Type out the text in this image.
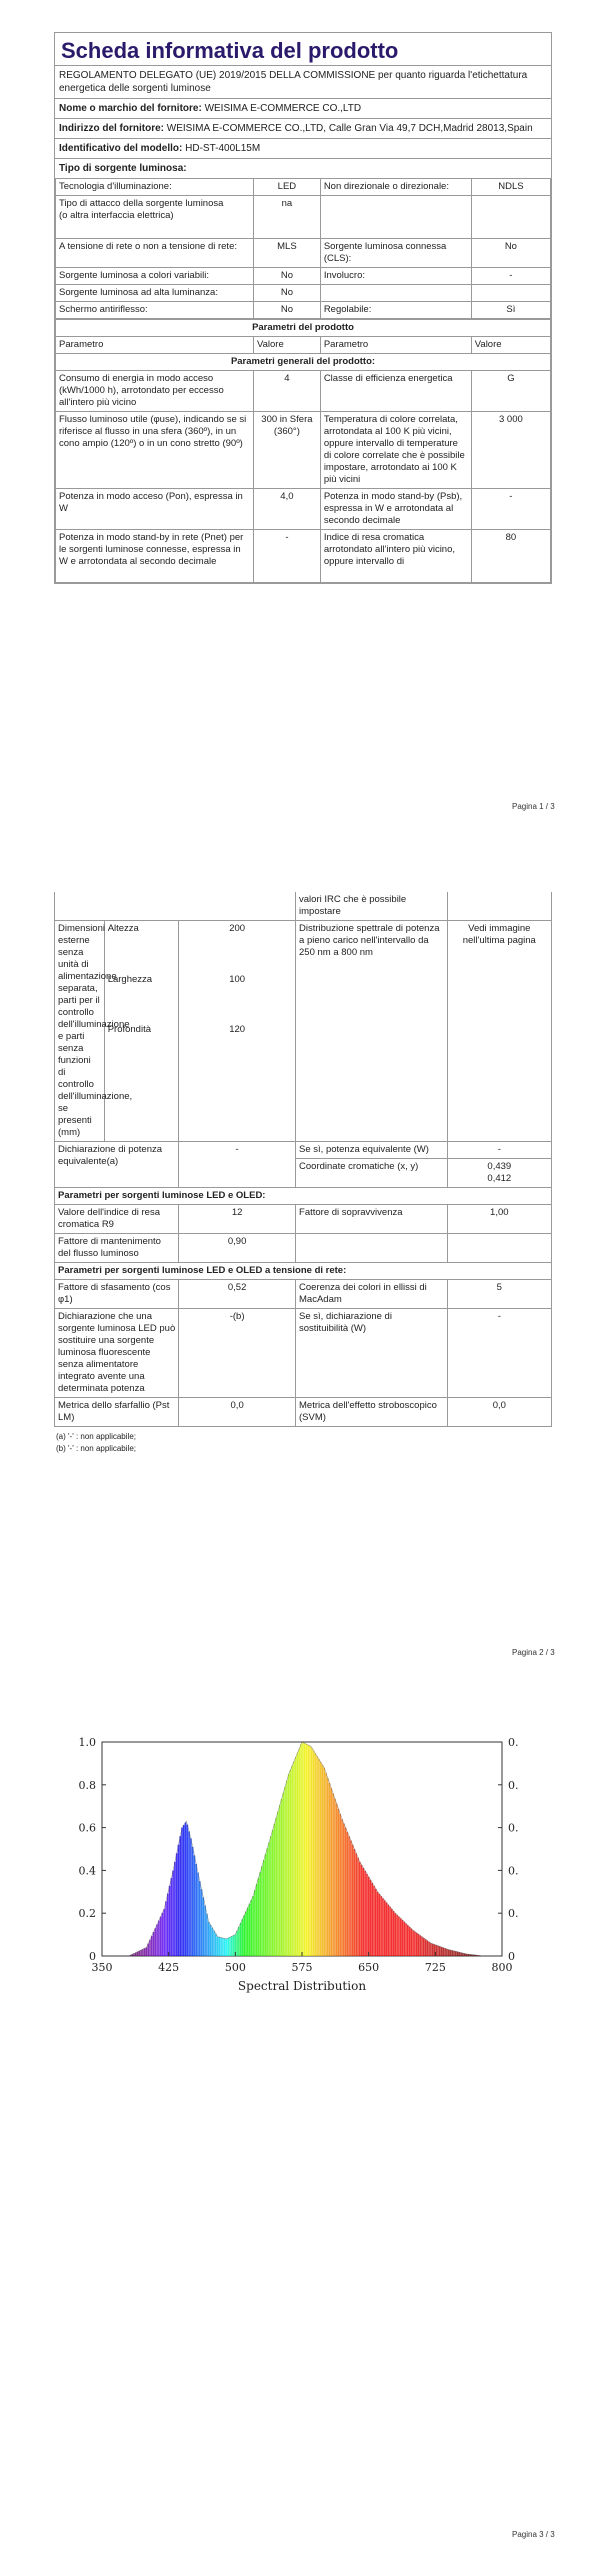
Scheda informativa del prodotto
REGOLAMENTO DELEGATO (UE) 2019/2015 DELLA COMMISSIONE per quanto riguarda l'etichettatura energetica delle sorgenti luminose
Nome o marchio del fornitore: WEISIMA E-COMMERCE CO.,LTD
Indirizzo del fornitore: WEISIMA E-COMMERCE CO.,LTD, Calle Gran Via 49,7 DCH,Madrid 28013,Spain
Identificativo del modello: HD-ST-400L15M
Tipo di sorgente luminosa:
Tecnologia d'illuminazione:	LED	Non direzionale o direzionale:	NDLS
Tipo di attacco della sorgente luminosa
(o altra interfaccia elettrica)	na		
A tensione di rete o non a tensione di rete:	MLS	Sorgente luminosa connessa (CLS):	No
Sorgente luminosa a colori variabili:	No	Involucro:	-
Sorgente luminosa ad alta luminanza:	No		
Schermo antiriflesso:	No	Regolabile:	Sì
Parametri del prodotto			
Parametro	Valore	Parametro	Valore
Parametri generali del prodotto:			
Consumo di energia in modo acceso (kWh/1000 h), arrotondato per eccesso all'intero più vicino	4	Classe di efficienza energetica	G
Flusso luminoso utile (φuse), indicando se si riferisce al flusso in una sfera (360º), in un cono ampio (120º) o in un cono stretto (90º)	300 in Sfera (360°)	Temperatura di colore correlata, arrotondata al 100 K più vicini, oppure intervallo di temperature di colore correlate che è possibile impostare, arrotondato ai 100 K più vicini	3 000
Potenza in modo acceso (Pon), espressa in W	4,0	Potenza in modo stand-by (Psb), espressa in W e arrotondata al secondo decimale	-
Potenza in modo stand-by in rete (Pnet) per le sorgenti luminose connesse, espressa in W e arrotondata al secondo decimale	-	Indice di resa cromatica arrotondato all'intero più vicino, oppure intervallo di	80
Pagina 1 / 3
			valori IRC che è possibile impostare	
Dimensioni esterne senza unità di alimentazione separata, parti per il controllo dell'illuminazione e parti senza funzioni di controllo dell'illuminazione, se presenti (mm)	Altezza	200	Distribuzione spettrale di potenza a pieno carico nell'intervallo da 250 nm a 800 nm	Vedi immagine nell'ultima pagina
	Larghezza	100		
	Profondità	120		
Dichiarazione di potenza equivalente(a)		-	Se sì, potenza equivalente (W)	-
			Coordinate cromatiche (x, y)	0,439
0,412
Parametri per sorgenti luminose LED e OLED:				
Valore dell'indice di resa cromatica R9		12	Fattore di sopravvivenza	1,00
Fattore di mantenimento del flusso luminoso		0,90		
Parametri per sorgenti luminose LED e OLED a tensione di rete:				
Fattore di sfasamento (cos φ1)		0,52	Coerenza dei colori in ellissi di MacAdam	5
Dichiarazione che una sorgente luminosa LED può sostituire una sorgente luminosa fluorescente senza alimentatore integrato avente una determinata potenza		-(b)	Se sì, dichiarazione di sostituibilità (W)	-
Metrica dello sfarfallio (Pst LM)		0,0	Metrica dell'effetto stroboscopico (SVM)	0,0
(a) '-' : non applicabile;
(b) '-' : non applicabile;
Pagina 2 / 3
350	425	500	575	650	725	800
0
0.2
0.4
0.6
0.8
1.0
0
0.
0.
0.
0.
0.
Spectral Distribution
Pagina 3 / 3
